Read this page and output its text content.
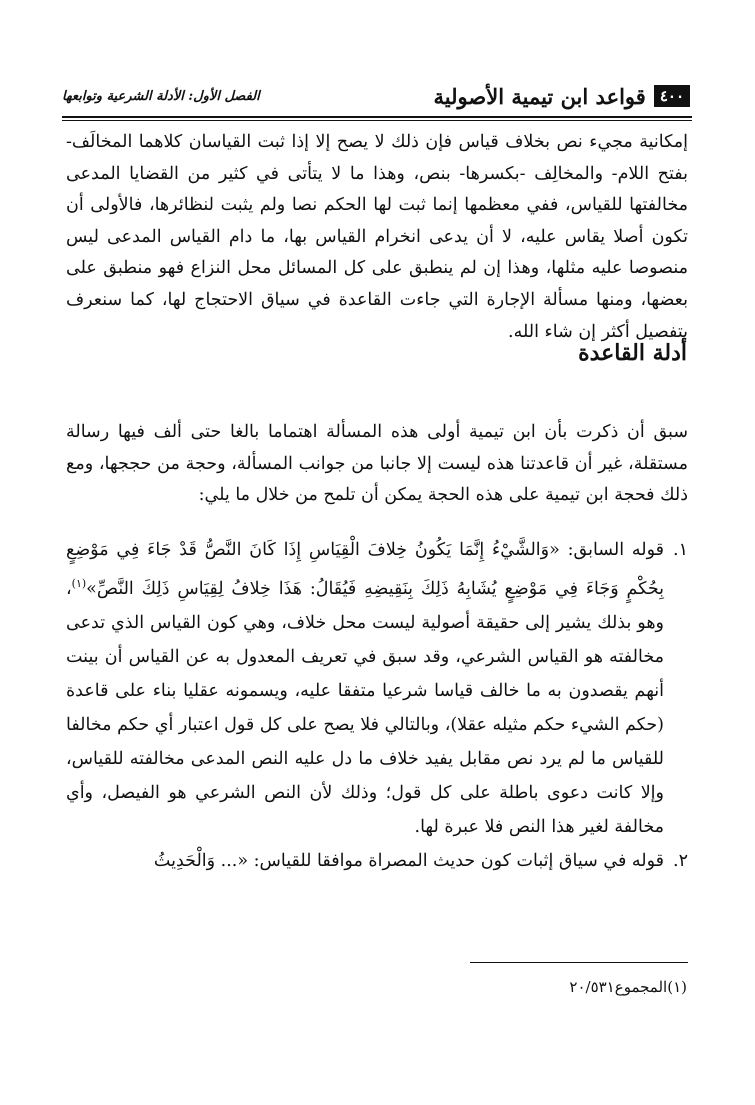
٤٠٠
قواعد ابن تيمية الأصولية
الفصل الأول: الأدلة الشرعية وتوابعها
إمكانية مجيء نص بخلاف قياس فإن ذلك لا يصح إلا إذا ثبت القياسان كلاهما المخالَف- بفتح اللام- والمخالِف -بكسرها- بنص، وهذا ما لا يتأتى في كثير من القضايا المدعى مخالفتها للقياس، ففي معظمها إنما ثبت لها الحكم نصا ولم يثبت لنظائرها، فالأولى أن تكون أصلا يقاس عليه، لا أن يدعى انخرام القياس بها، ما دام القياس المدعى ليس منصوصا عليه مثلها، وهذا إن لم ينطبق على كل المسائل محل النزاع فهو منطبق على بعضها، ومنها مسألة الإجارة التي جاءت القاعدة في سياق الاحتجاج لها، كما سنعرف بتفصيل أكثر إن شاء الله.
أدلة القاعدة
سبق أن ذكرت بأن ابن تيمية أولى هذه المسألة اهتماما بالغا حتى ألف فيها رسالة مستقلة، غير أن قاعدتنا هذه ليست إلا جانبا من جوانب المسألة، وحجة من حججها، ومع ذلك فحجة ابن تيمية على هذه الحجة يمكن أن تلمح من خلال ما يلي:
١.
قوله السابق: «وَالشَّيْءُ إِنَّمَا يَكُونُ خِلافَ الْقِيَاسِ إِذَا كَانَ النَّصُّ قَدْ جَاءَ فِي مَوْضِعٍ بِحُكْمٍ وَجَاءَ فِي مَوْضِعٍ يُشَابِهُ ذَلِكَ بِنَقِيضِهِ فَيُقَالُ: هَذَا خِلافُ لِقِيَاسِ ذَلِكَ النَّصِّ»$^{(١)}$، وهو بذلك يشير إلى حقيقة أصولية ليست محل خلاف، وهي كون القياس الذي تدعى مخالفته هو القياس الشرعي، وقد سبق في تعريف المعدول به عن القياس أن بينت أنهم يقصدون به ما خالف قياسا شرعيا متفقا عليه، ويسمونه عقليا بناء على قاعدة (حكم الشيء حكم مثيله عقلا)، وبالتالي فلا يصح على كل قول اعتبار أي حكم مخالفا للقياس ما لم يرد نص مقابل يفيد خلاف ما دل عليه النص المدعى مخالفته للقياس، وإلا كانت دعوى باطلة على كل قول؛ وذلك لأن النص الشرعي هو الفيصل، وأي مخالفة لغير هذا النص فلا عبرة لها.
٢.
قوله في سياق إثبات كون حديث المصراة موافقا للقياس: «... وَالْحَدِيثُ
(١)المجموع٢٠/٥٣١
